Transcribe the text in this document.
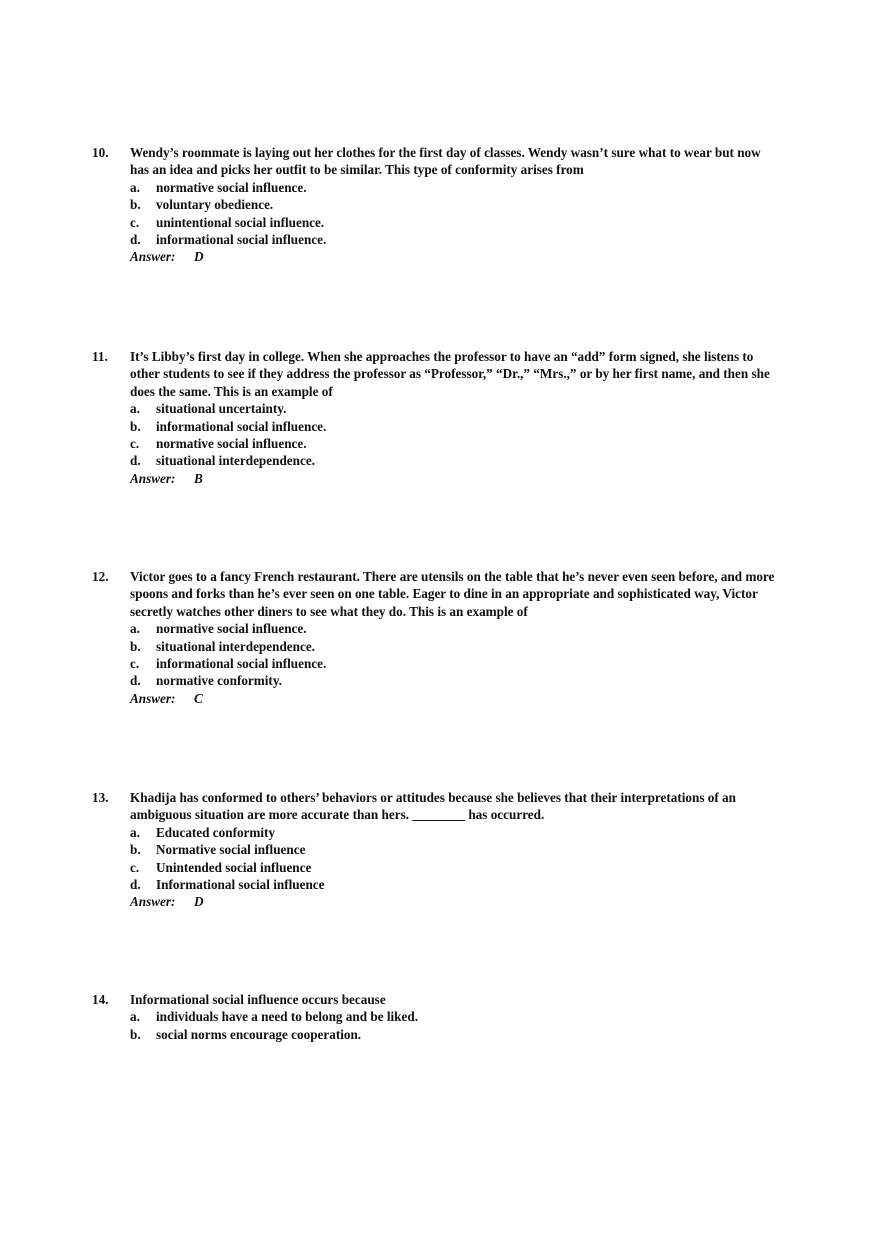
10.	Wendy’s roommate is laying out her clothes for the first day of classes. Wendy wasn’t sure what to wear but now has an idea and picks her outfit to be similar. This type of conformity arises from
a.	normative social influence.
b.	voluntary obedience.
c.	unintentional social influence.
d.	informational social influence.
Answer: D
11.	It’s Libby’s first day in college. When she approaches the professor to have an “add” form signed, she listens to other students to see if they address the professor as “Professor,” “Dr.,” “Mrs.,” or by her first name, and then she does the same. This is an example of
a.	situational uncertainty.
b.	informational social influence.
c.	normative social influence.
d.	situational interdependence.
Answer: B
12.	Victor goes to a fancy French restaurant. There are utensils on the table that he’s never even seen before, and more spoons and forks than he’s ever seen on one table. Eager to dine in an appropriate and sophisticated way, Victor secretly watches other diners to see what they do. This is an example of
a.	normative social influence.
b.	situational interdependence.
c.	informational social influence.
d.	normative conformity.
Answer: C
13.	Khadija has conformed to others’ behaviors or attitudes because she believes that their interpretations of an ambiguous situation are more accurate than hers. ________ has occurred.
a.	Educated conformity
b.	Normative social influence
c.	Unintended social influence
d.	Informational social influence
Answer: D
14.	Informational social influence occurs because
a.	individuals have a need to belong and be liked.
b.	social norms encourage cooperation.
